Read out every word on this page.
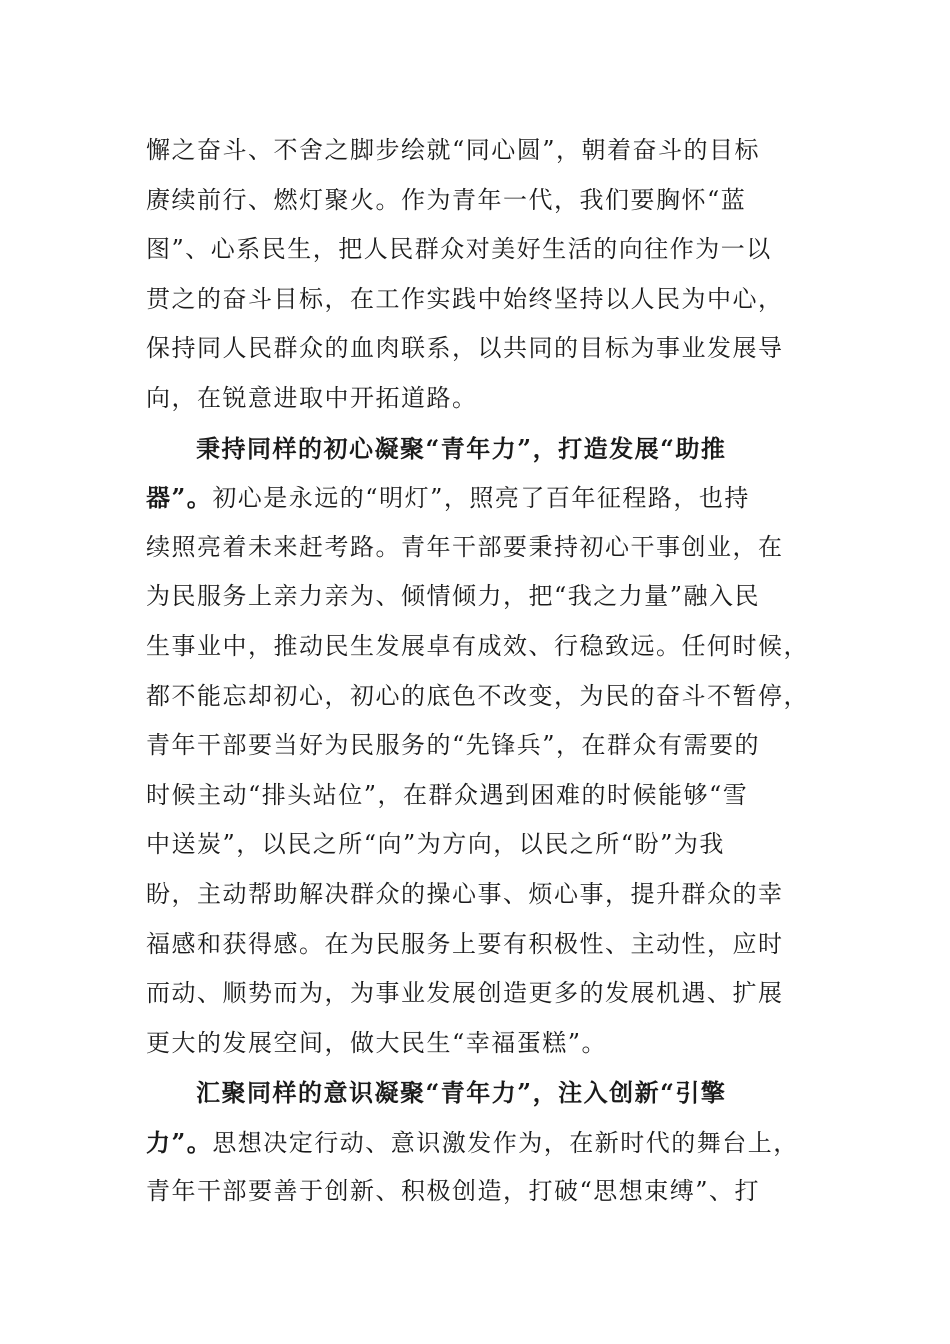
懈之奋斗、不舍之脚步绘就“同心圆”，朝着奋斗的目标
赓续前行、燃灯聚火。作为青年一代，我们要胸怀“蓝
图”、心系民生，把人民群众对美好生活的向往作为一以
贯之的奋斗目标，在工作实践中始终坚持以人民为中心，
保持同人民群众的血肉联系，以共同的目标为事业发展导
向，在锐意进取中开拓道路。
秉持同样的初心凝聚“青年力”，打造发展“助推
器”。初心是永远的“明灯”，照亮了百年征程路，也持
续照亮着未来赶考路。青年干部要秉持初心干事创业，在
为民服务上亲力亲为、倾情倾力，把“我之力量”融入民
生事业中，推动民生发展卓有成效、行稳致远。任何时候，
都不能忘却初心，初心的底色不改变，为民的奋斗不暂停，
青年干部要当好为民服务的“先锋兵”，在群众有需要的
时候主动“排头站位”，在群众遇到困难的时候能够“雪
中送炭”，以民之所“向”为方向，以民之所“盼”为我
盼，主动帮助解决群众的操心事、烦心事，提升群众的幸
福感和获得感。在为民服务上要有积极性、主动性，应时
而动、顺势而为，为事业发展创造更多的发展机遇、扩展
更大的发展空间，做大民生“幸福蛋糕”。
汇聚同样的意识凝聚“青年力”，注入创新“引擎
力”。思想决定行动、意识激发作为，在新时代的舞台上，
青年干部要善于创新、积极创造，打破“思想束缚”、打
